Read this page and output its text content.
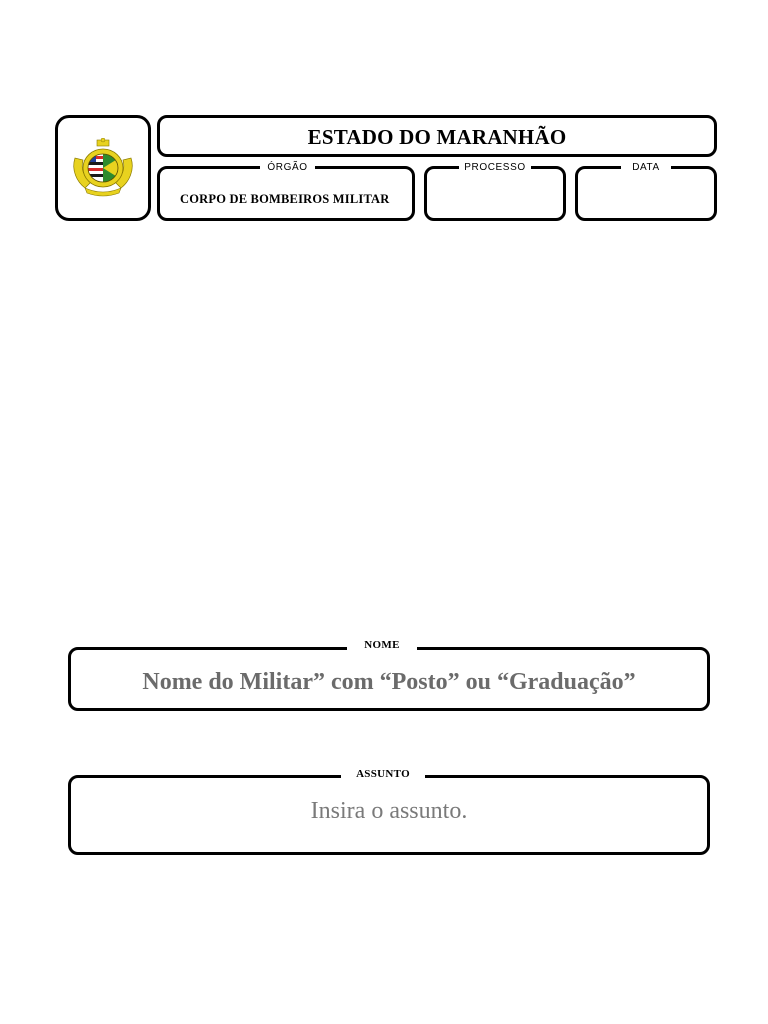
ESTADO DO MARANHÃO
CORPO DE BOMBEIROS MILITAR
ÓRGÃO	PROCESSO	DATA
Nome do Militar” com “Posto” ou “Graduação”
NOME
Insira o assunto.
ASSUNTO
